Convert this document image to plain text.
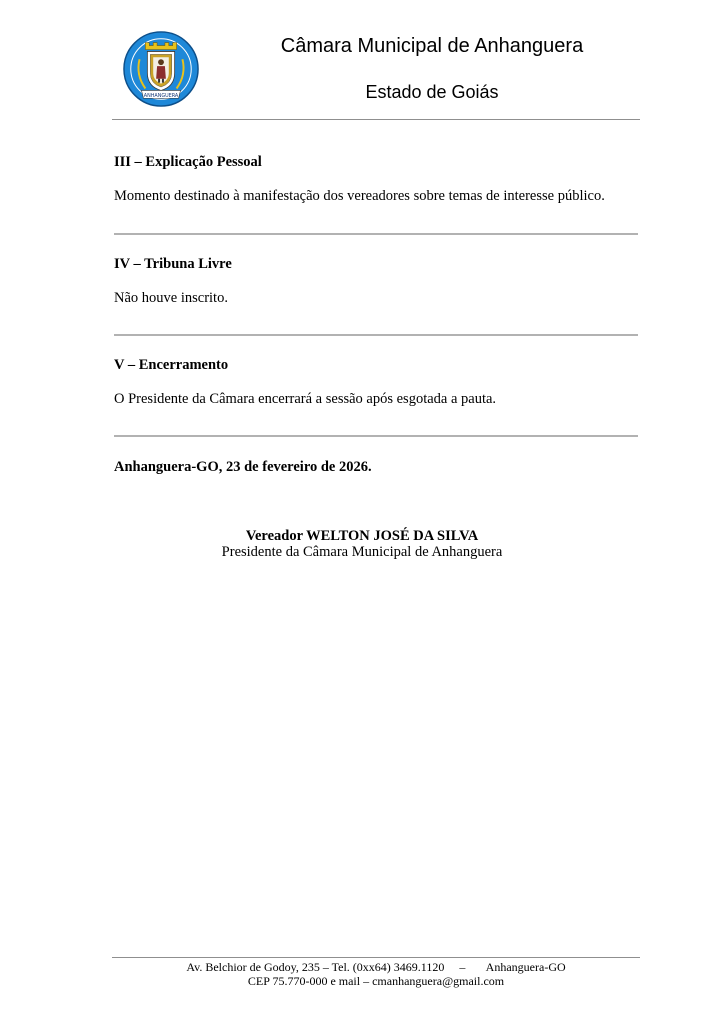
ANHANGUERA
Câmara Municipal de Anhanguera
Estado de Goiás
III – Explicação Pessoal
Momento destinado à manifestação dos vereadores sobre temas de interesse público.
IV – Tribuna Livre
Não houve inscrito.
V – Encerramento
O Presidente da Câmara encerrará a sessão após esgotada a pauta.
Anhanguera-GO, 23 de fevereiro de 2026.
Vereador WELTON JOSÉ DA SILVA
Presidente da Câmara Municipal de Anhanguera
Av. Belchior de Godoy, 235 – Tel. (0xx64) 3469.1120     –       Anhanguera-GO
CEP 75.770-000 e mail – cmanhanguera@gmail.com
